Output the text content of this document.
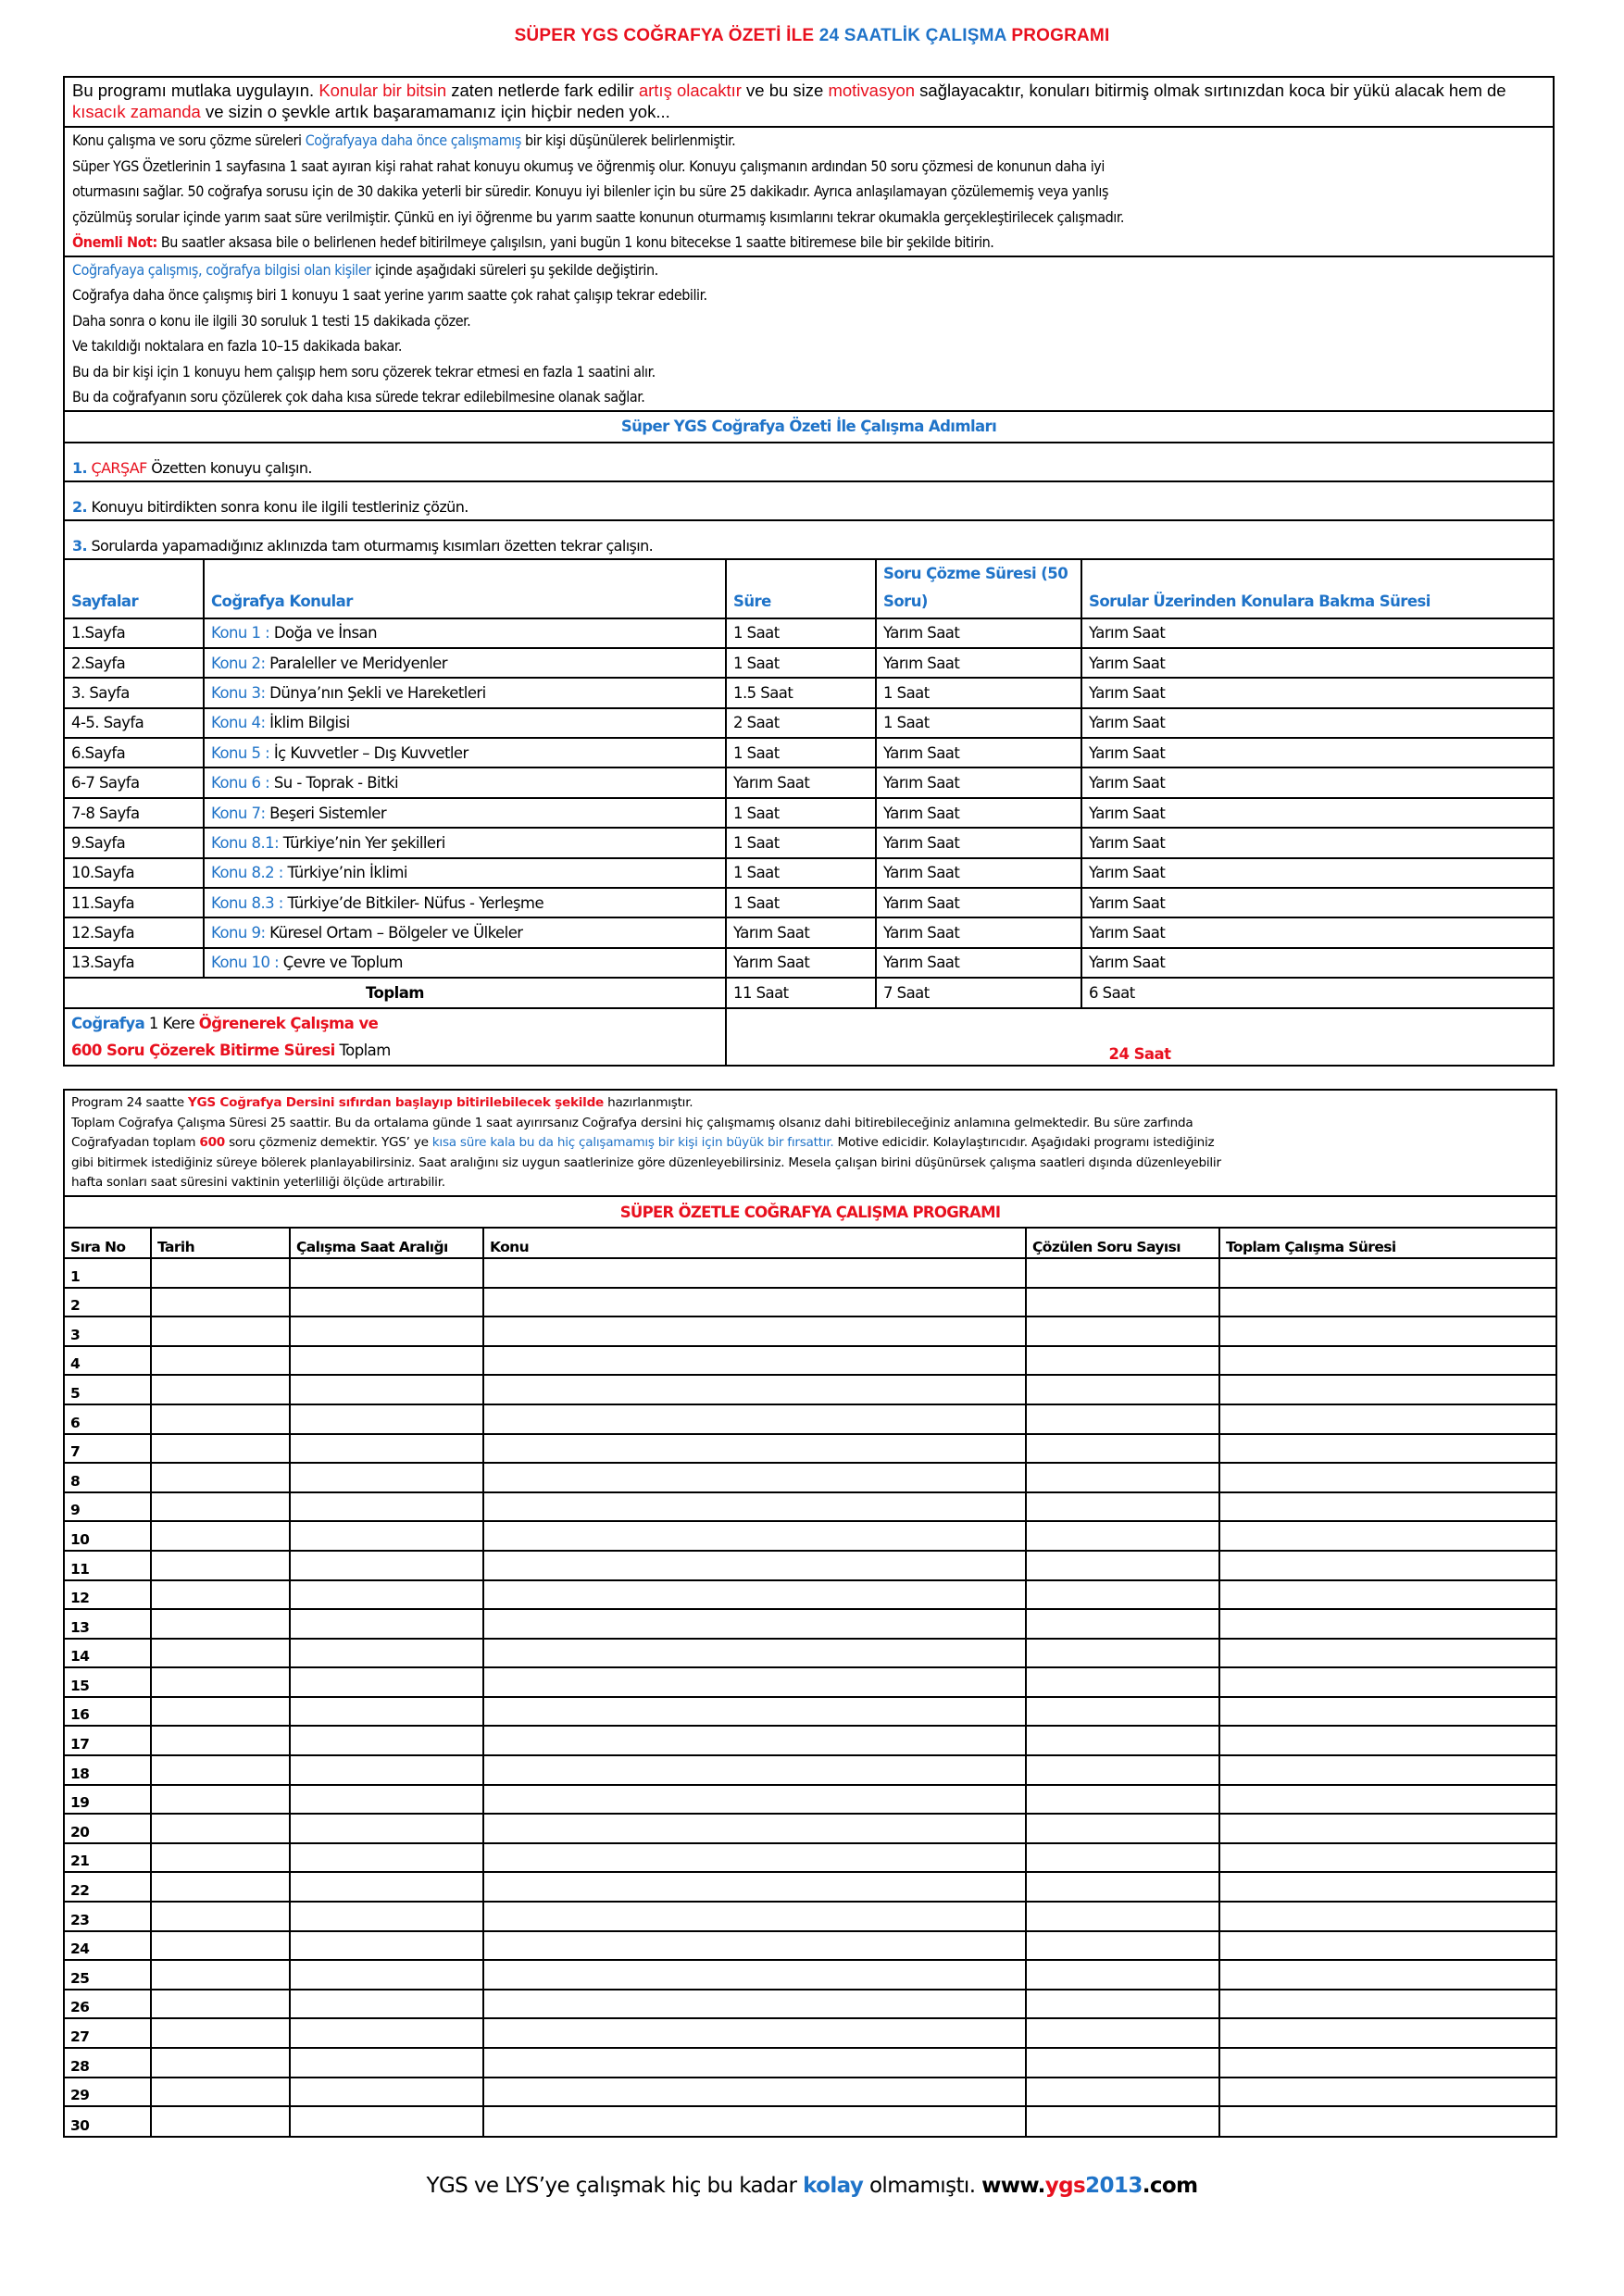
SÜPER YGS COĞRAFYA ÖZETİ İLE 24 SAATLİK ÇALIŞMA PROGRAMI
Bu programı mutlaka uygulayın. Konular bir bitsin zaten netlerde fark edilir artış olacaktır ve bu size motivasyon sağlayacaktır, konuları bitirmiş olmak sırtınızdan koca bir yükü alacak hem de kısacık zamanda ve sizin o şevkle artık başaramamanız için hiçbir neden yok...

Konu çalışma ve soru çözme süreleri Coğrafyaya daha önce çalışmamış bir kişi düşünülerek belirlenmiştir.

Süper YGS Özetlerinin 1 sayfasına 1 saat ayıran kişi rahat rahat konuyu okumuş ve öğrenmiş olur. Konuyu çalışmanın ardından 50 soru çözmesi de konunun daha iyi

oturmasını sağlar. 50 coğrafya sorusu için de 30 dakika yeterli bir süredir. Konuyu iyi bilenler için bu süre 25 dakikadır. Ayrıca anlaşılamayan çözülememiş veya yanlış

çözülmüş sorular içinde yarım saat süre verilmiştir. Çünkü en iyi öğrenme bu yarım saatte konunun oturmamış kısımlarını tekrar okumakla gerçekleştirilecek çalışmadır.

Önemli Not: Bu saatler aksasa bile o belirlenen hedef bitirilmeye çalışılsın, yani bugün 1 konu bitecekse 1 saatte bitiremese bile bir şekilde bitirin.

Coğrafyaya çalışmış, coğrafya bilgisi olan kişiler içinde aşağıdaki süreleri şu şekilde değiştirin.

Coğrafya daha önce çalışmış biri 1 konuyu 1 saat yerine yarım saatte çok rahat çalışıp tekrar edebilir.

Daha sonra o konu ile ilgili 30 soruluk 1 testi 15 dakikada çözer.

Ve takıldığı noktalara en fazla 10–15 dakikada bakar.

Bu da bir kişi için 1 konuyu hem çalışıp hem soru çözerek tekrar etmesi en fazla 1 saatini alır.

Bu da coğrafyanın soru çözülerek çok daha kısa sürede tekrar edilebilmesine olanak sağlar.

Süper YGS Coğrafya Özeti İle Çalışma Adımları
1. ÇARŞAF Özetten konuyu çalışın.
2. Konuyu bitirdikten sonra konu ile ilgili testleriniz çözün.
3. Sorularda yapamadığınız aklınızda tam oturmamış kısımları özetten tekrar çalışın.
Sayfalar	Coğrafya Konular	Süre	Soru Çözme Süresi (50 Soru)	Sorular Üzerinden Konulara Bakma Süresi
1.Sayfa	Konu 1 : Doğa ve İnsan	1 Saat	Yarım Saat	Yarım Saat
2.Sayfa	Konu 2: Paraleller ve Meridyenler	1 Saat	Yarım Saat	Yarım Saat
3. Sayfa	Konu 3: Dünya’nın Şekli ve Hareketleri	1.5 Saat	1 Saat	Yarım Saat
4-5. Sayfa	Konu 4: İklim Bilgisi	2 Saat	1 Saat	Yarım Saat
6.Sayfa	Konu 5 : İç Kuvvetler – Dış Kuvvetler	1 Saat	Yarım Saat	Yarım Saat
6-7 Sayfa	Konu 6 : Su - Toprak - Bitki	Yarım Saat	Yarım Saat	Yarım Saat
7-8 Sayfa	Konu 7: Beşeri Sistemler	1 Saat	Yarım Saat	Yarım Saat
9.Sayfa	Konu 8.1: Türkiye’nin Yer şekilleri	1 Saat	Yarım Saat	Yarım Saat
10.Sayfa	Konu 8.2 : Türkiye’nin İklimi	1 Saat	Yarım Saat	Yarım Saat
11.Sayfa	Konu 8.3 : Türkiye’de Bitkiler- Nüfus - Yerleşme	1 Saat	Yarım Saat	Yarım Saat
12.Sayfa	Konu 9: Küresel Ortam – Bölgeler ve Ülkeler	Yarım Saat	Yarım Saat	Yarım Saat
13.Sayfa	Konu 10 : Çevre ve Toplum	Yarım Saat	Yarım Saat	Yarım Saat
Toplam		11 Saat	7 Saat	6 Saat
Coğrafya 1 Kere Öğrenerek Çalışma ve
600 Soru Çözerek Bitirme Süresi Toplam		24 Saat		

Program 24 saatte YGS Coğrafya Dersini sıfırdan başlayıp bitirilebilecek şekilde hazırlanmıştır.

Toplam Coğrafya Çalışma Süresi 25 saattir. Bu da ortalama günde 1 saat ayırırsanız Coğrafya dersini hiç çalışmamış olsanız dahi bitirebileceğiniz anlamına gelmektedir. Bu süre zarfında

Coğrafyadan toplam 600 soru çözmeniz demektir. YGS’ ye kısa süre kala bu da hiç çalışamamış bir kişi için büyük bir fırsattır. Motive edicidir. Kolaylaştırıcıdır. Aşağıdaki programı istediğiniz

gibi bitirmek istediğiniz süreye bölerek planlayabilirsiniz. Saat aralığını siz uygun saatlerinize göre düzenleyebilirsiniz. Mesela çalışan birini düşünürsek çalışma saatleri dışında düzenleyebilir

hafta sonları saat süresini vaktinin yeterliliği ölçüde artırabilir.

SÜPER ÖZETLE COĞRAFYA ÇALIŞMA PROGRAMI
Sıra No	Tarih	Çalışma Saat Aralığı	Konu	Çözülen Soru Sayısı	Toplam Çalışma Süresi
1					
2					
3					
4					
5					
6					
7					
8					
9					
10					
11					
12					
13					
14					
15					
16					
17					
18					
19					
20					
21					
22					
23					
24					
25					
26					
27					
28					
29					
30					
YGS ve LYS’ye çalışmak hiç bu kadar kolay olmamıştı. www.ygs2013.com
